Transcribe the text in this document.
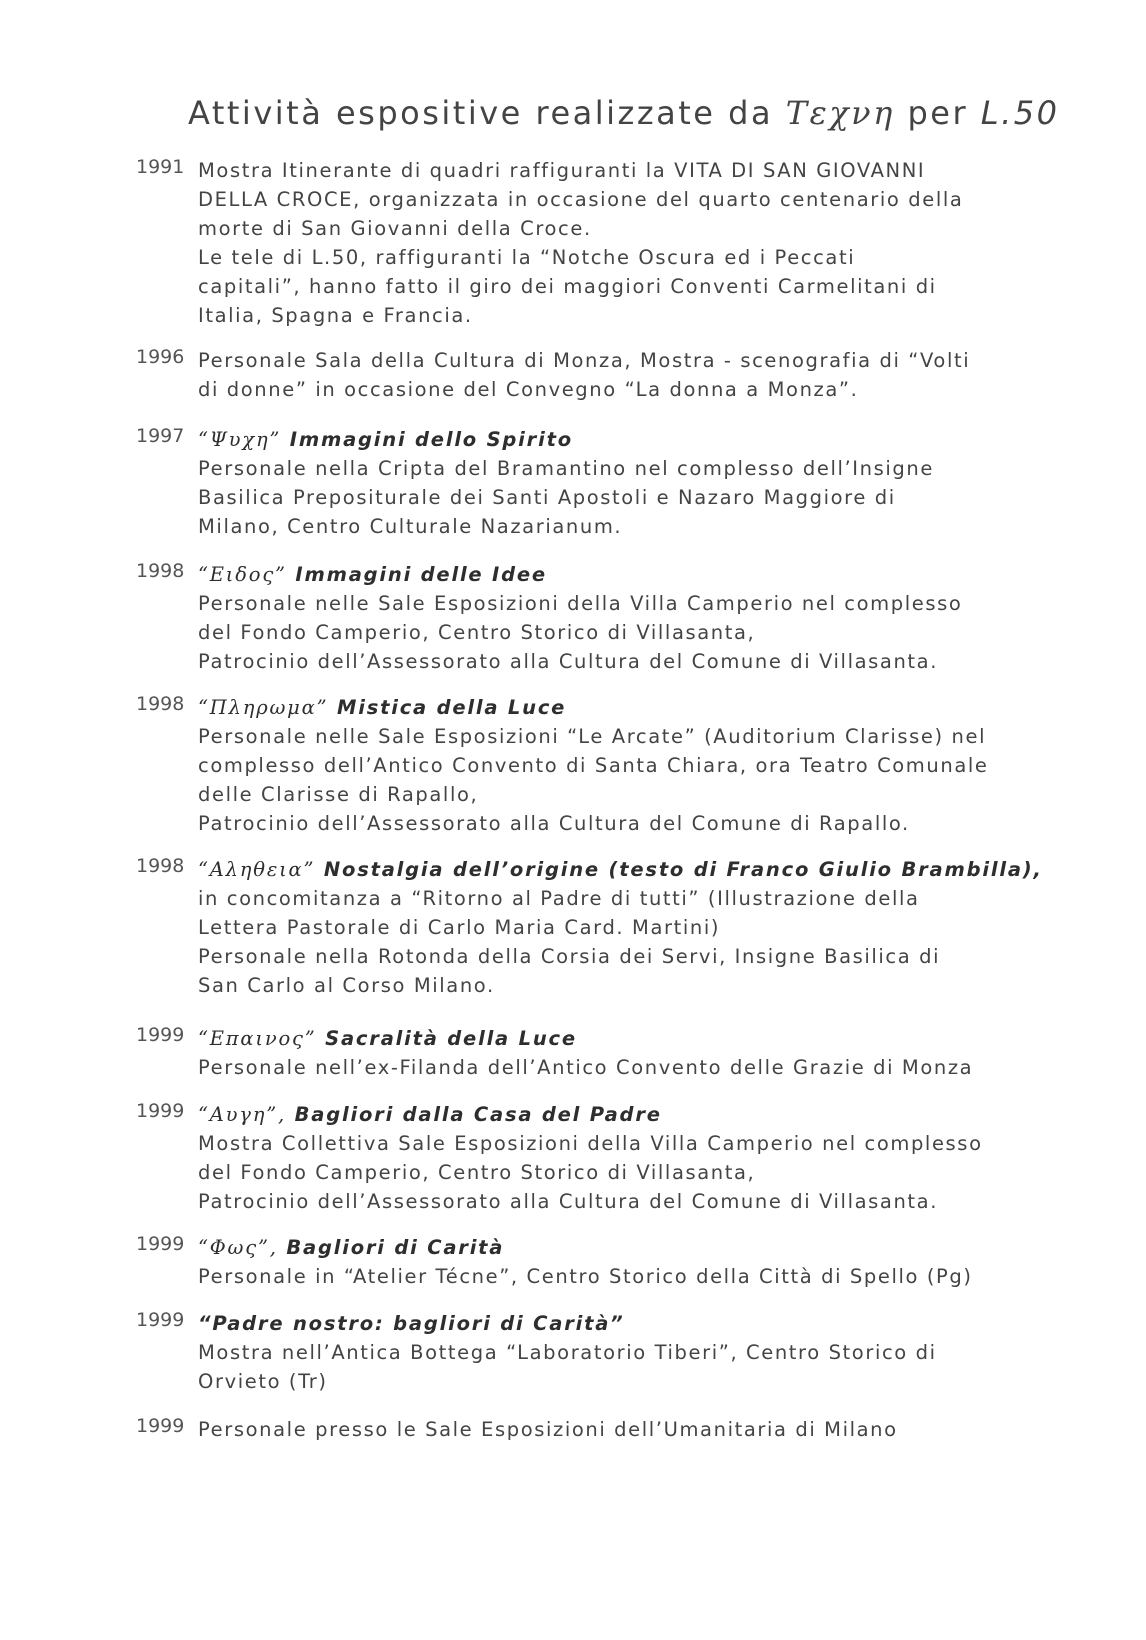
Attività espositive realizzate da Τεχνη per L.50
1991 Mostra Itinerante di quadri raffiguranti la VITA DI SAN GIOVANNI
DELLA CROCE, organizzata in occasione del quarto centenario della
morte di San Giovanni della Croce.
Le tele di L.50, raffiguranti la “Notche Oscura ed i Peccati
capitali”, hanno fatto il giro dei maggiori Conventi Carmelitani di
Italia, Spagna e Francia.
1996 Personale Sala della Cultura di Monza, Mostra - scenografia di “Volti
di donne” in occasione del Convegno “La donna a Monza”.
1997 “Ψυχη” Immagini dello Spirito
Personale nella Cripta del Bramantino nel complesso dell’Insigne
Basilica Prepositurale dei Santi Apostoli e Nazaro Maggiore di
Milano, Centro Culturale Nazarianum.
1998 “Ειδος” Immagini delle Idee
Personale nelle Sale Esposizioni della Villa Camperio nel complesso
del Fondo Camperio, Centro Storico di Villasanta,
Patrocinio dell’Assessorato alla Cultura del Comune di Villasanta.
1998 “Πληρωμα” Mistica della Luce
Personale nelle Sale Esposizioni “Le Arcate” (Auditorium Clarisse) nel
complesso dell’Antico Convento di Santa Chiara, ora Teatro Comunale
delle Clarisse di Rapallo,
Patrocinio dell’Assessorato alla Cultura del Comune di Rapallo.
1998 “Αληθεια” Nostalgia dell’origine (testo di Franco Giulio Brambilla),
in concomitanza a “Ritorno al Padre di tutti” (Illustrazione della
Lettera Pastorale di Carlo Maria Card. Martini)
Personale nella Rotonda della Corsia dei Servi, Insigne Basilica di
San Carlo al Corso Milano.
1999 “Επαινος” Sacralità della Luce
Personale nell’ex-Filanda dell’Antico Convento delle Grazie di Monza
1999 “Αυγη”, Bagliori dalla Casa del Padre
Mostra Collettiva Sale Esposizioni della Villa Camperio nel complesso
del Fondo Camperio, Centro Storico di Villasanta,
Patrocinio dell’Assessorato alla Cultura del Comune di Villasanta.
1999 “Φως”, Bagliori di Carità
Personale in “Atelier Técne”, Centro Storico della Città di Spello (Pg)
1999 “Padre nostro: bagliori di Carità”
Mostra nell’Antica Bottega “Laboratorio Tiberi”, Centro Storico di
Orvieto (Tr)
1999 Personale presso le Sale Esposizioni dell’Umanitaria di Milano
